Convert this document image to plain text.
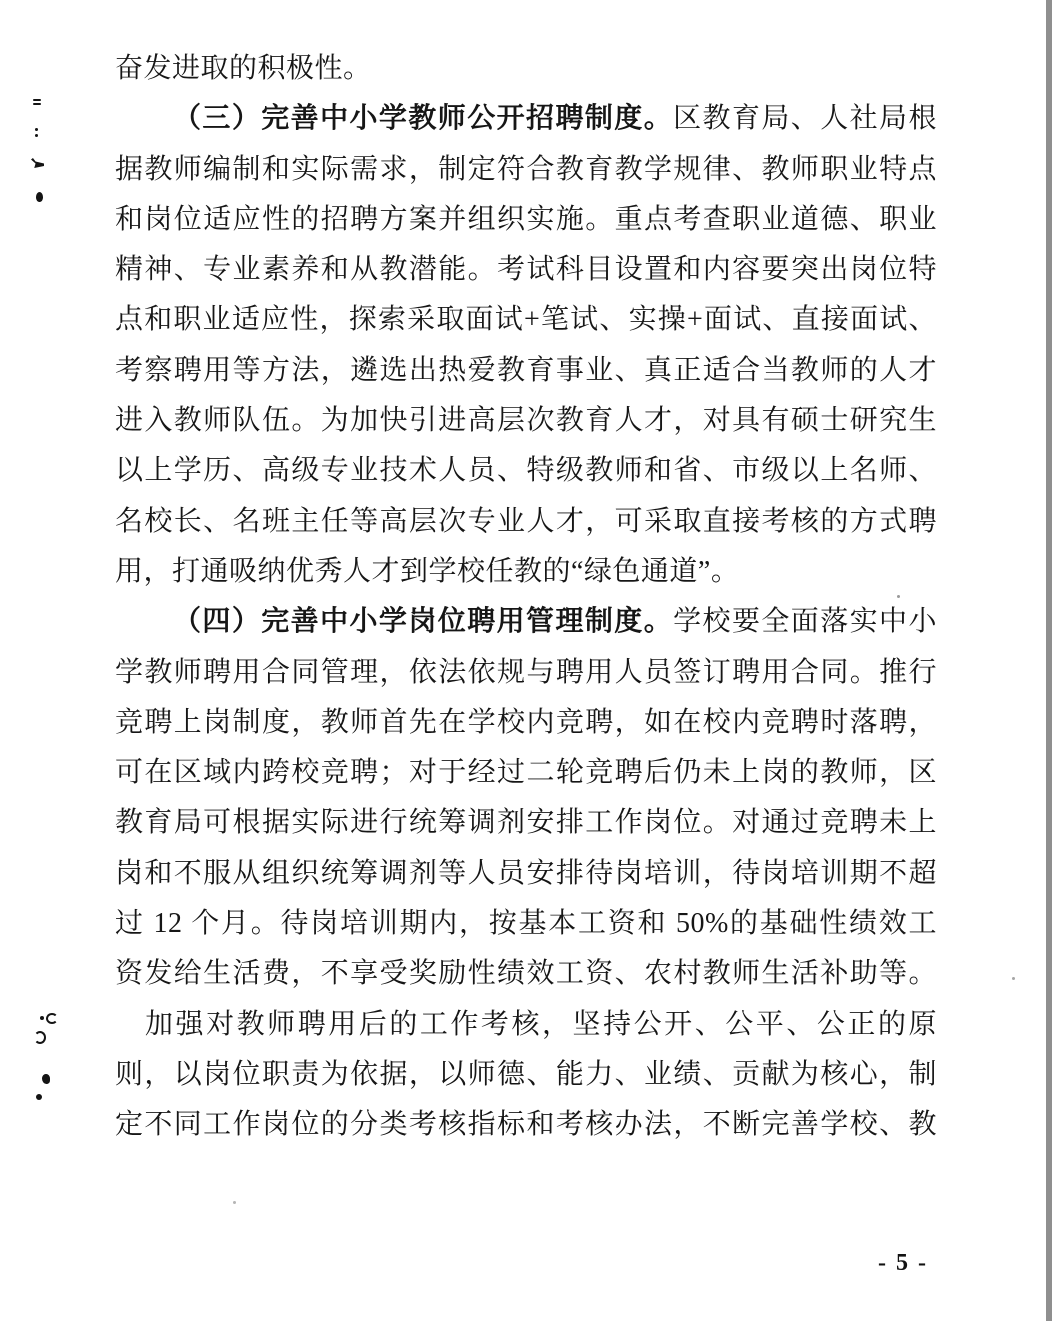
奋发进取的积极性。
（三）完善中小学教师公开招聘制度。区教育局、人社局根
据教师编制和实际需求，制定符合教育教学规律、教师职业特点
和岗位适应性的招聘方案并组织实施。重点考查职业道德、职业
精神、专业素养和从教潜能。考试科目设置和内容要突出岗位特
点和职业适应性，探索采取面试+笔试、实操+面试、直接面试、
考察聘用等方法，遴选出热爱教育事业、真正适合当教师的人才
进入教师队伍。为加快引进高层次教育人才，对具有硕士研究生
以上学历、高级专业技术人员、特级教师和省、市级以上名师、
名校长、名班主任等高层次专业人才，可采取直接考核的方式聘
用，打通吸纳优秀人才到学校任教的“绿色通道”。
（四）完善中小学岗位聘用管理制度。学校要全面落实中小
学教师聘用合同管理，依法依规与聘用人员签订聘用合同。推行
竞聘上岗制度，教师首先在学校内竞聘，如在校内竞聘时落聘，
可在区域内跨校竞聘；对于经过二轮竞聘后仍未上岗的教师，区
教育局可根据实际进行统筹调剂安排工作岗位。对通过竞聘未上
岗和不服从组织统筹调剂等人员安排待岗培训，待岗培训期不超
过 12 个月。待岗培训期内，按基本工资和 50%的基础性绩效工
资发给生活费，不享受奖励性绩效工资、农村教师生活补助等。
加强对教师聘用后的工作考核，坚持公开、公平、公正的原
则，以岗位职责为依据，以师德、能力、业绩、贡献为核心，制
定不同工作岗位的分类考核指标和考核办法，不断完善学校、教
- 5 -
